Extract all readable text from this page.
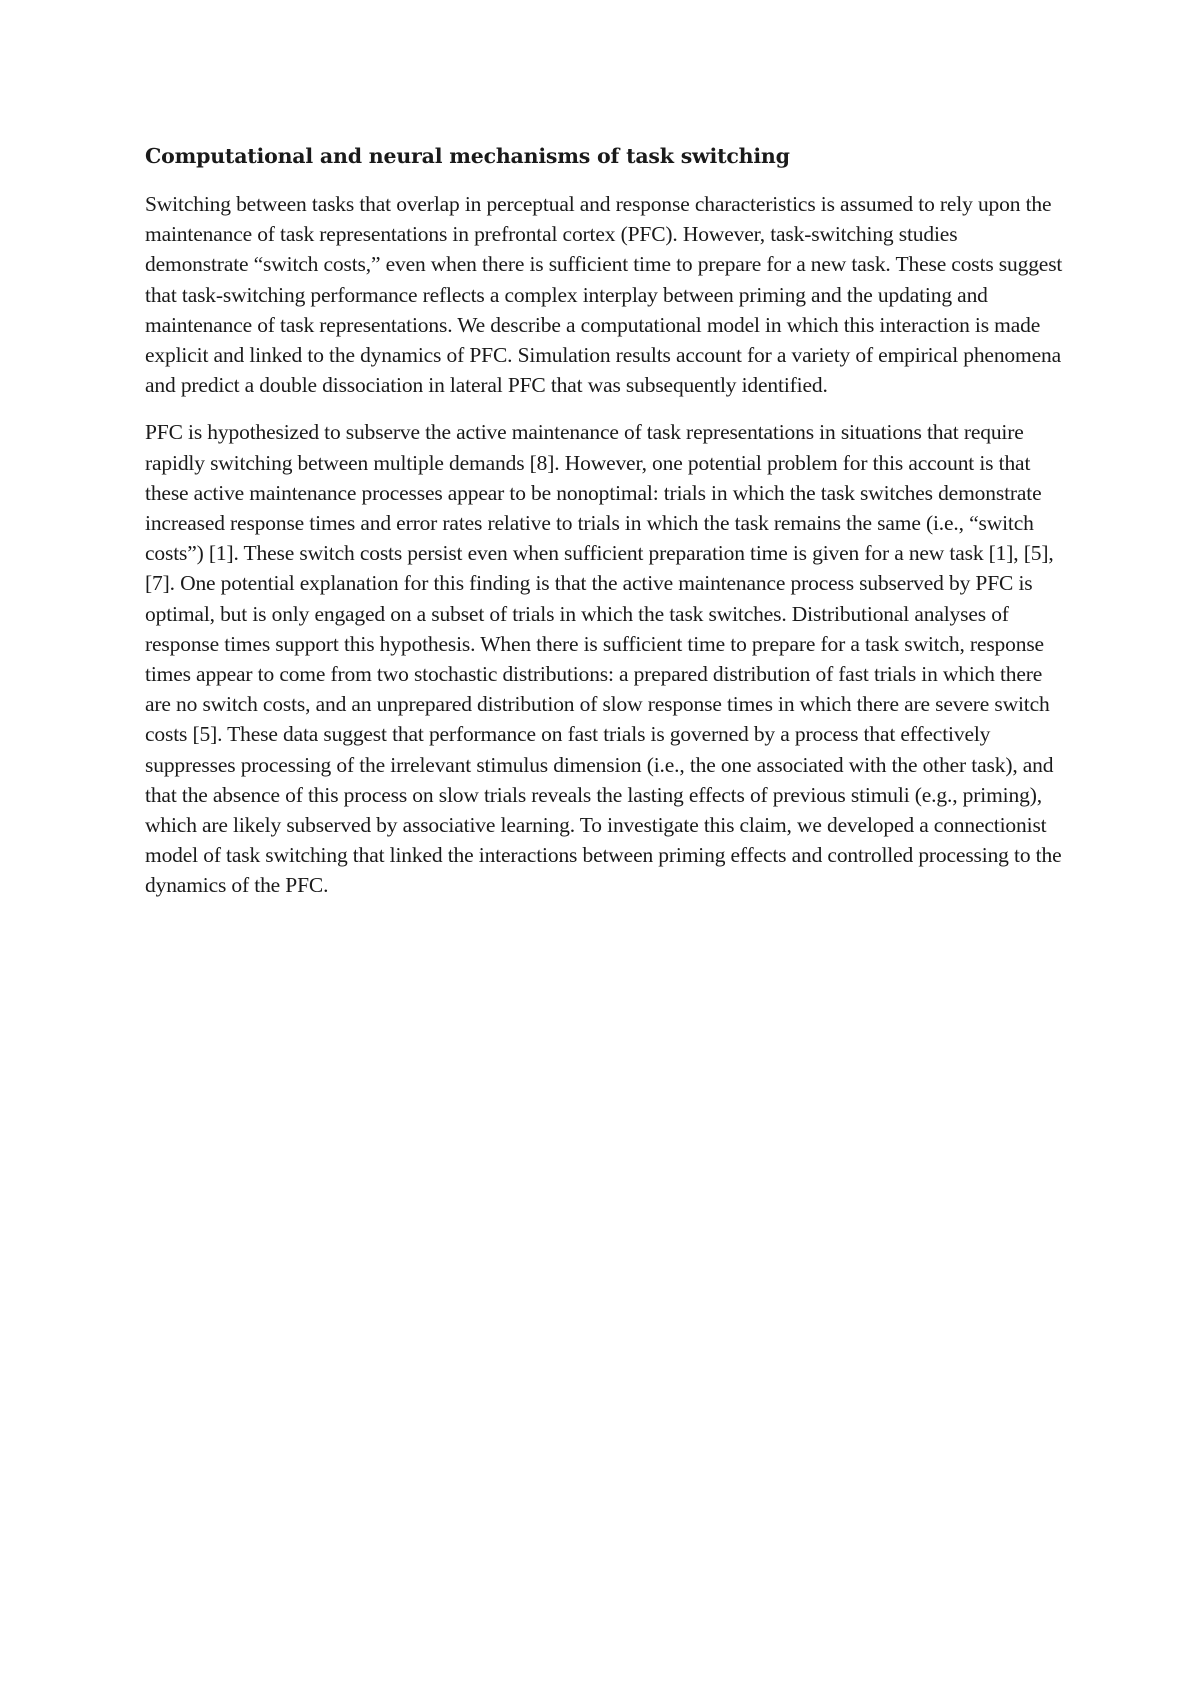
Computational and neural mechanisms of task switching

Switching between tasks that overlap in perceptual and response characteristics is assumed to rely upon the maintenance of task representations in prefrontal cortex (PFC). However, task-switching studies demonstrate “switch costs,” even when there is sufficient time to prepare for a new task. These costs suggest that task-switching performance reflects a complex interplay between priming and the updating and maintenance of task representations. We describe a computational model in which this interaction is made explicit and linked to the dynamics of PFC. Simulation results account for a variety of empirical phenomena and predict a double dissociation in lateral PFC that was subsequently identified.

PFC is hypothesized to subserve the active maintenance of task representations in situations that require rapidly switching between multiple demands [8]. However, one potential problem for this account is that these active maintenance processes appear to be nonoptimal: trials in which the task switches demonstrate increased response times and error rates relative to trials in which the task remains the same (i.e., “switch costs”) [1]. These switch costs persist even when sufficient preparation time is given for a new task [1], [5], [7]. One potential explanation for this finding is that the active maintenance process subserved by PFC is optimal, but is only engaged on a subset of trials in which the task switches. Distributional analyses of response times support this hypothesis. When there is sufficient time to prepare for a task switch, response times appear to come from two stochastic distributions: a prepared distribution of fast trials in which there are no switch costs, and an unprepared distribution of slow response times in which there are severe switch costs [5]. These data suggest that performance on fast trials is governed by a process that effectively suppresses processing of the irrelevant stimulus dimension (i.e., the one associated with the other task), and that the absence of this process on slow trials reveals the lasting effects of previous stimuli (e.g., priming), which are likely subserved by associative learning. To investigate this claim, we developed a connectionist model of task switching that linked the interactions between priming effects and controlled processing to the dynamics of the PFC.
